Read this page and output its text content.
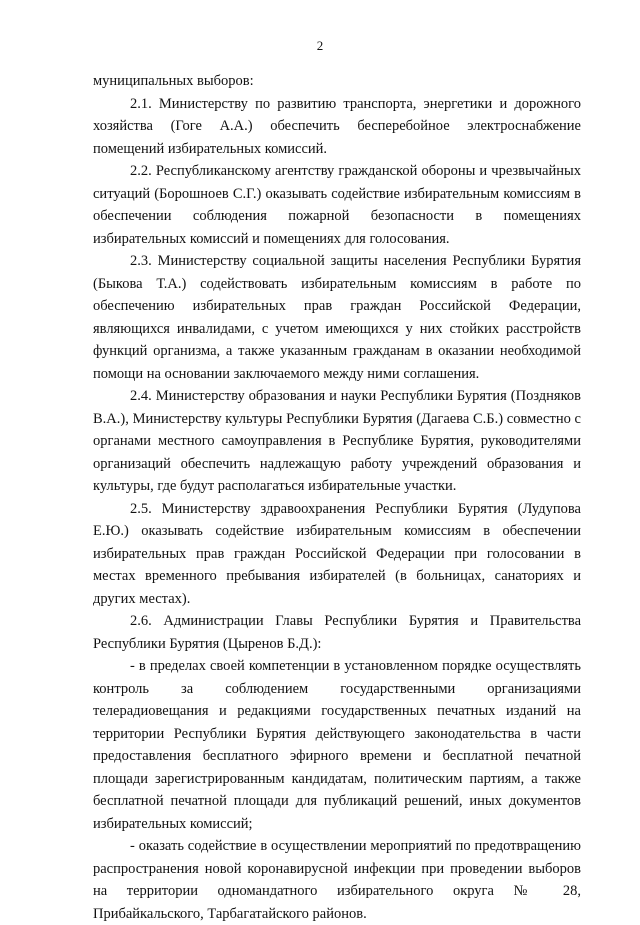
2

муниципальных выборов:

2.1. Министерству по развитию транспорта, энергетики и дорожного хозяйства (Гоге А.А.) обеспечить бесперебойное электроснабжение помещений избирательных комиссий.

2.2. Республиканскому агентству гражданской обороны и чрезвычайных ситуаций (Борошноев С.Г.) оказывать содействие избирательным комиссиям в обеспечении соблюдения пожарной безопасности в помещениях избирательных комиссий и помещениях для голосования.

2.3. Министерству социальной защиты населения Республики Бурятия (Быкова Т.А.) содействовать избирательным комиссиям в работе по обеспечению избирательных прав граждан Российской Федерации, являющихся инвалидами, с учетом имеющихся у них стойких расстройств функций организма, а также указанным гражданам в оказании необходимой помощи на основании заключаемого между ними соглашения.

2.4. Министерству образования и науки Республики Бурятия (Поздняков В.А.), Министерству культуры Республики Бурятия (Дагаева С.Б.) совместно с органами местного самоуправления в Республике Бурятия, руководителями организаций обеспечить надлежащую работу учреждений образования и культуры, где будут располагаться избирательные участки.

2.5. Министерству здравоохранения Республики Бурятия (Лудупова Е.Ю.) оказывать содействие избирательным комиссиям в обеспечении избирательных прав граждан Российской Федерации при голосовании в местах временного пребывания избирателей (в больницах, санаториях и других местах).

2.6. Администрации Главы Республики Бурятия и Правительства Республики Бурятия (Цыренов Б.Д.):

- в пределах своей компетенции в установленном порядке осуществлять контроль за соблюдением государственными организациями телерадиовещания и редакциями государственных печатных изданий на территории Республики Бурятия действующего законодательства в части предоставления бесплатного эфирного времени и бесплатной печатной площади зарегистрированным кандидатам, политическим партиям, а также бесплатной печатной площади для публикаций решений, иных документов избирательных комиссий;

- оказать содействие в осуществлении мероприятий по предотвращению распространения новой коронавирусной инфекции при проведении выборов на территории одномандатного избирательного округа № 28, Прибайкальского, Тарбагатайского районов.
